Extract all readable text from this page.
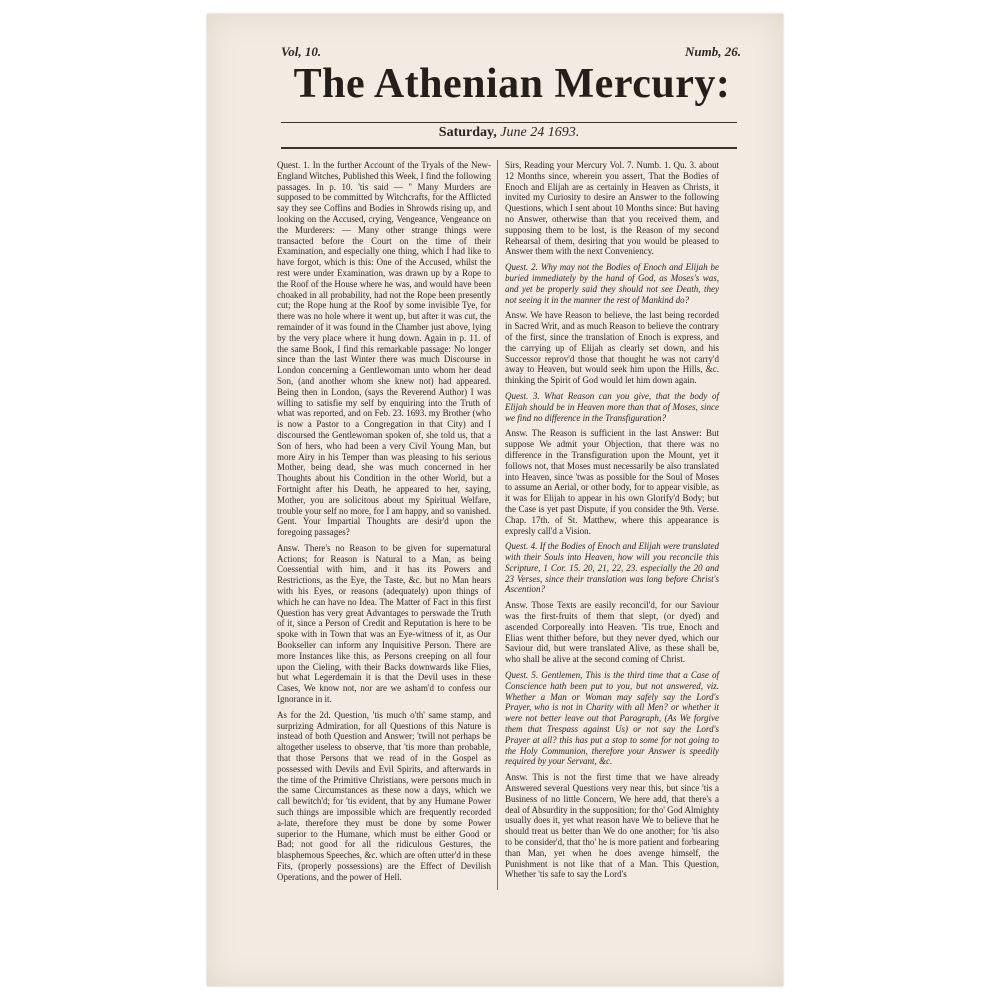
Vol, 10.	Numb, 26.
The Athenian Mercury:
Saturday, June 24 1693.

Quest. 1. In the further Account of the Tryals of the New-England Witches, Published this Week, I find the following passages. In p. 10. 'tis said — " Many Murders are supposed to be committed by Witchcrafts, for the Afflicted say they see Coffins and Bodies in Shrowds rising up, and looking on the Accused, crying, Vengeance, Vengeance on the Murderers: — Many other strange things were transacted before the Court on the time of their Examination, and especially one thing, which I had like to have forgot, which is this: One of the Accused, whilst the rest were under Examination, was drawn up by a Rope to the Roof of the House where he was, and would have been choaked in all probability, had not the Rope been presently cut; the Rope hung at the Roof by some invisible Tye, for there was no hole where it went up, but after it was cut, the remainder of it was found in the Chamber just above, lying by the very place where it hung down. Again in p. 11. of the same Book, I find this remarkable passage: No longer since than the last Winter there was much Discourse in London concerning a Gentlewoman unto whom her dead Son, (and another whom she knew not) had appeared. Being then in London, (says the Reverend Author) I was willing to satisfie my self by enquiring into the Truth of what was reported, and on Feb. 23. 1693. my Brother (who is now a Pastor to a Congregation in that City) and I discoursed the Gentlewoman spoken of, she told us, that a Son of hers, who had been a very Civil Young Man, but more Airy in his Temper than was pleasing to his serious Mother, being dead, she was much concerned in her Thoughts about his Condition in the other World, but a Fortnight after his Death, he appeared to her, saying, Mother, you are solicitous about my Spiritual Welfare, trouble your self no more, for I am happy, and so vanished. Gent. Your Impartial Thoughts are desir'd upon the foregoing passages?

Answ. There's no Reason to be given for supernatural Actions; for Reason is Natural to a Man, as being Coessential with him, and it has its Powers and Restrictions, as the Eye, the Taste, &c. but no Man hears with his Eyes, or reasons (adequately) upon things of which he can have no Idea. The Matter of Fact in this first Question has very great Advantages to perswade the Truth of it, since a Person of Credit and Reputation is here to be spoke with in Town that was an Eye-witness of it, as Our Bookseller can inform any Inquisitive Person. There are more Instances like this, as Persons creeping on all four upon the Cieling, with their Backs downwards like Flies, but what Legerdemain it is that the Devil uses in these Cases, We know not, nor are we asham'd to confess our Ignorance in it.

As for the 2d. Question, 'tis much o'th' same stamp, and surprizing Admiration, for all Questions of this Nature is instead of both Question and Answer; 'twill not perhaps be altogether useless to observe, that 'tis more than probable, that those Persons that we read of in the Gospel as possessed with Devils and Evil Spirits, and afterwards in the time of the Primitive Christians, were persons much in the same Circumstances as these now a days, which we call bewitch'd; for 'tis evident, that by any Humane Power such things are impossible which are frequently recorded a-late, therefore they must be done by some Power superior to the Humane, which must be either Good or Bad; not good for all the ridiculous Gestures, the blasphemous Speeches, &c. which are often utter'd in these Fits, (properly possessions) are the Effect of Devilish Operations, and the power of Hell.

Sirs, Reading your Mercury Vol. 7. Numb. 1. Qu. 3. about 12 Months since, wherein you assert, That the Bodies of Enoch and Elijah are as certainly in Heaven as Christs, it invited my Curiosity to desire an Answer to the following Questions, which I sent about 10 Months since: But having no Answer, otherwise than that you received them, and supposing them to be lost, is the Reason of my second Rehearsal of them, desiring that you would be pleased to Answer them with the next Conveniency.

Quest. 2. Why may not the Bodies of Enoch and Elijah be buried immediately by the hand of God, as Moses's was, and yet be properly said they should not see Death, they not seeing it in the manner the rest of Mankind do?

Answ. We have Reason to believe, the last being recorded in Sacred Writ, and as much Reason to believe the contrary of the first, since the translation of Enoch is express, and the carrying up of Elijah as clearly set down, and his Successor reprov'd those that thought he was not carry'd away to Heaven, but would seek him upon the Hills, &c. thinking the Spirit of God would let him down again.

Quest. 3. What Reason can you give, that the body of Elijah should be in Heaven more than that of Moses, since we find no difference in the Transfiguration?

Answ. The Reason is sufficient in the last Answer: But suppose We admit your Objection, that there was no difference in the Transfiguration upon the Mount, yet it follows not, that Moses must necessarily be also translated into Heaven, since 'twas as possible for the Soul of Moses to assume an Aerial, or other body, for to appear visible, as it was for Elijah to appear in his own Glorify'd Body; but the Case is yet past Dispute, if you consider the 9th. Verse. Chap. 17th. of St. Matthew, where this appearance is expresly call'd a Vision.

Quest. 4. If the Bodies of Enoch and Elijah were translated with their Souls into Heaven, how will you reconcile this Scripture, 1 Cor. 15. 20, 21, 22, 23. especially the 20 and 23 Verses, since their translation was long before Christ's Ascention?

Answ. Those Texts are easily reconcil'd, for our Saviour was the first-fruits of them that slept, (or dyed) and ascended Corporeally into Heaven. 'Tis true, Enoch and Elias went thither before, but they never dyed, which our Saviour did, but were translated Alive, as these shall be, who shall be alive at the second coming of Christ.

Quest. 5. Gentlemen, This is the third time that a Case of Conscience hath been put to you, but not answered, viz. Whether a Man or Woman may safely say the Lord's Prayer, who is not in Charity with all Men? or whether it were not better leave out that Paragraph, (As We forgive them that Trespass against Us) or not say the Lord's Prayer at all? this has put a stop to some for not going to the Holy Communion, therefore your Answer is speedily required by your Servant, &c.

Answ. This is not the first time that we have already Answered several Questions very near this, but since 'tis a Business of no little Concern, We here add, that there's a deal of Absurdity in the supposition; for tho' God Almighty usually does it, yet what reason have We to believe that he should treat us better than We do one another; for 'tis also to be consider'd, that tho' he is more patient and forbearing than Man, yet when he does avenge himself, the Punishment is not like that of a Man. This Question, Whether 'tis safe to say the Lord's
